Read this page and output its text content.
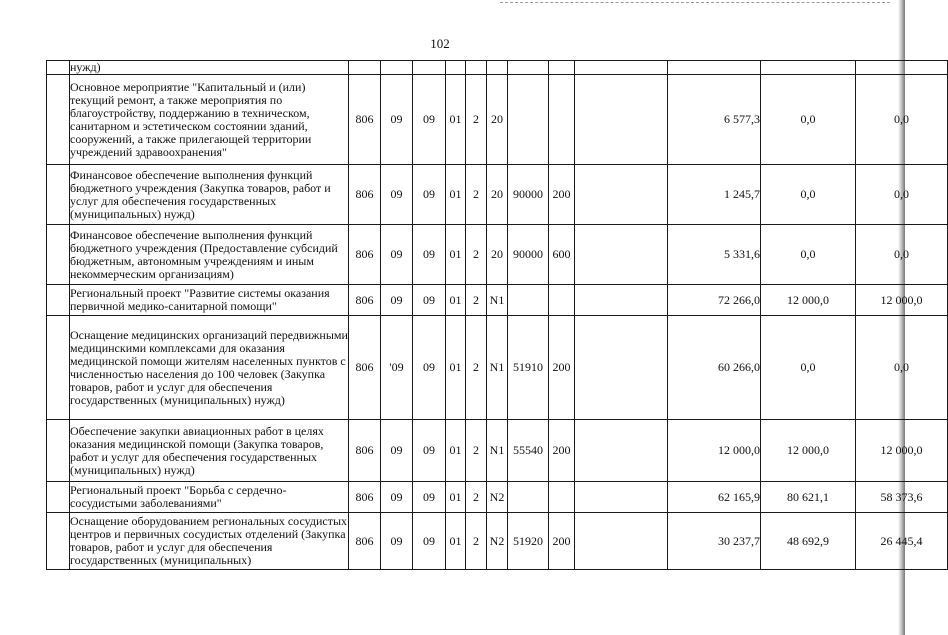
102
	нужд)												
	Основное мероприятие "Капитальный и (или) текущий ремонт, а также мероприятия по благоустройству, поддержанию в техническом, санитарном и эстетическом состоянии зданий, сооружений, а также прилегающей территории учреждений здравоохранения"	806	09	09	01	2	20				6 577,3	0,0	0,0
	Финансовое обеспечение выполнения функций бюджетного учреждения (Закупка товаров, работ и услуг для обеспечения государственных (муниципальных) нужд)	806	09	09	01	2	20	90000	200		1 245,7	0,0	0,0
	Финансовое обеспечение выполнения функций бюджетного учреждения (Предоставление субсидий бюджетным, автономным учреждениям и иным некоммерческим организациям)	806	09	09	01	2	20	90000	600		5 331,6	0,0	0,0
	Региональный проект "Развитие системы оказания первичной медико-санитарной помощи"	806	09	09	01	2	N1				72 266,0	12 000,0	12 000,0
	Оснащение медицинских организаций передвижными медицинскими комплексами для оказания медицинской помощи жителям населенных пунктов с численностью населения до 100 человек (Закупка товаров, работ и услуг для обеспечения государственных (муниципальных) нужд)	806	'09	09	01	2	N1	51910	200		60 266,0	0,0	0,0
	Обеспечение закупки авиационных работ в целях оказания медицинской помощи (Закупка товаров, работ и услуг для обеспечения государственных (муниципальных) нужд)	806	09	09	01	2	N1	55540	200		12 000,0	12 000,0	12 000,0
	Региональный проект "Борьба с сердечно-сосудистыми заболеваниями"	806	09	09	01	2	N2				62 165,9	80 621,1	58 373,6
	Оснащение оборудованием региональных сосудистых центров и первичных сосудистых отделений (Закупка товаров, работ и услуг для обеспечения государственных (муниципальных)	806	09	09	01	2	N2	51920	200		30 237,7	48 692,9	26 445,4
